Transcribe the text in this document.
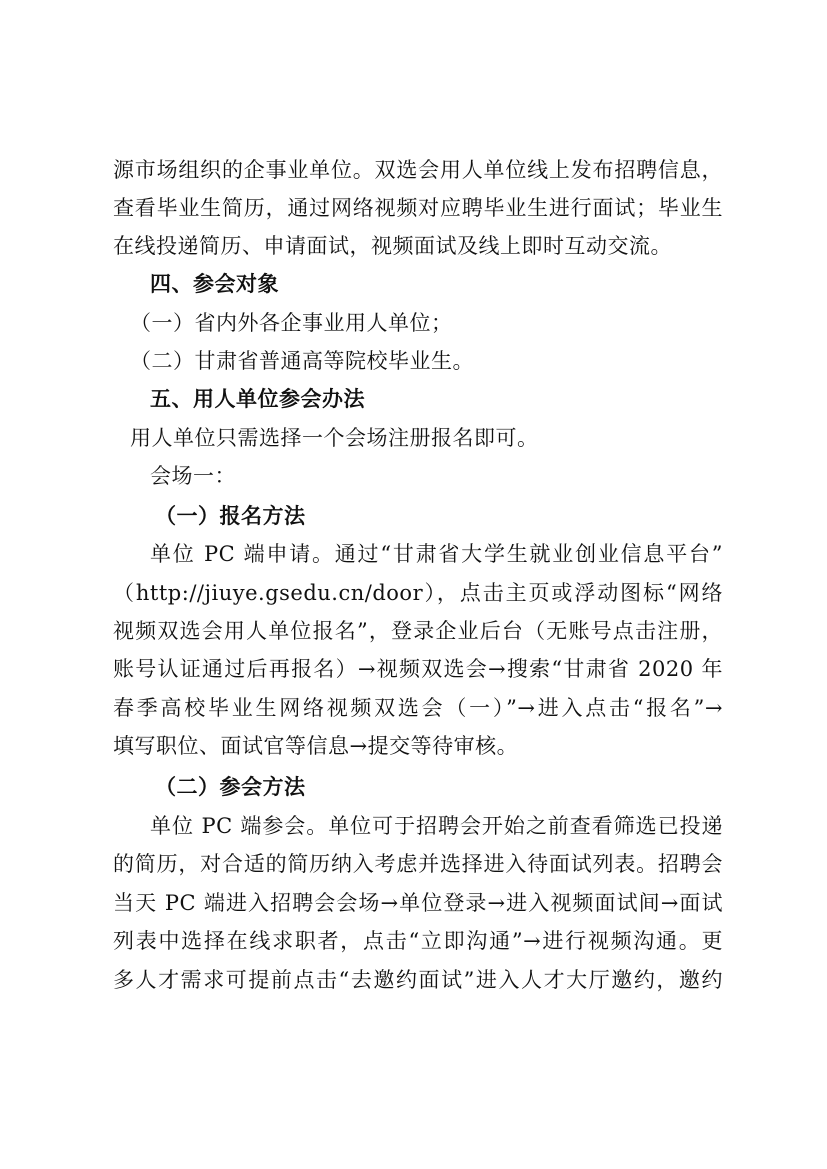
源市场组织的企事业单位。双选会用人单位线上发布招聘信息，
查看毕业生简历，通过网络视频对应聘毕业生进行面试；毕业生
在线投递简历、申请面试，视频面试及线上即时互动交流。
四、参会对象
（一）省内外各企事业用人单位；
（二）甘肃省普通高等院校毕业生。
五、用人单位参会办法
用人单位只需选择一个会场注册报名即可。
会场一：
（一）报名方法
单位 PC 端申请。通过“甘肃省大学生就业创业信息平台”
（http://jiuye.gsedu.cn/door），点击主页或浮动图标“网络
视频双选会用人单位报名”，登录企业后台（无账号点击注册，
账号认证通过后再报名）→视频双选会→搜索“甘肃省 2020 年
春季高校毕业生网络视频双选会（一）”→进入点击“报名”→
填写职位、面试官等信息→提交等待审核。
（二）参会方法
单位 PC 端参会。单位可于招聘会开始之前查看筛选已投递
的简历，对合适的简历纳入考虑并选择进入待面试列表。招聘会
当天 PC 端进入招聘会会场→单位登录→进入视频面试间→面试
列表中选择在线求职者，点击“立即沟通”→进行视频沟通。更
多人才需求可提前点击“去邀约面试”进入人才大厅邀约，邀约
